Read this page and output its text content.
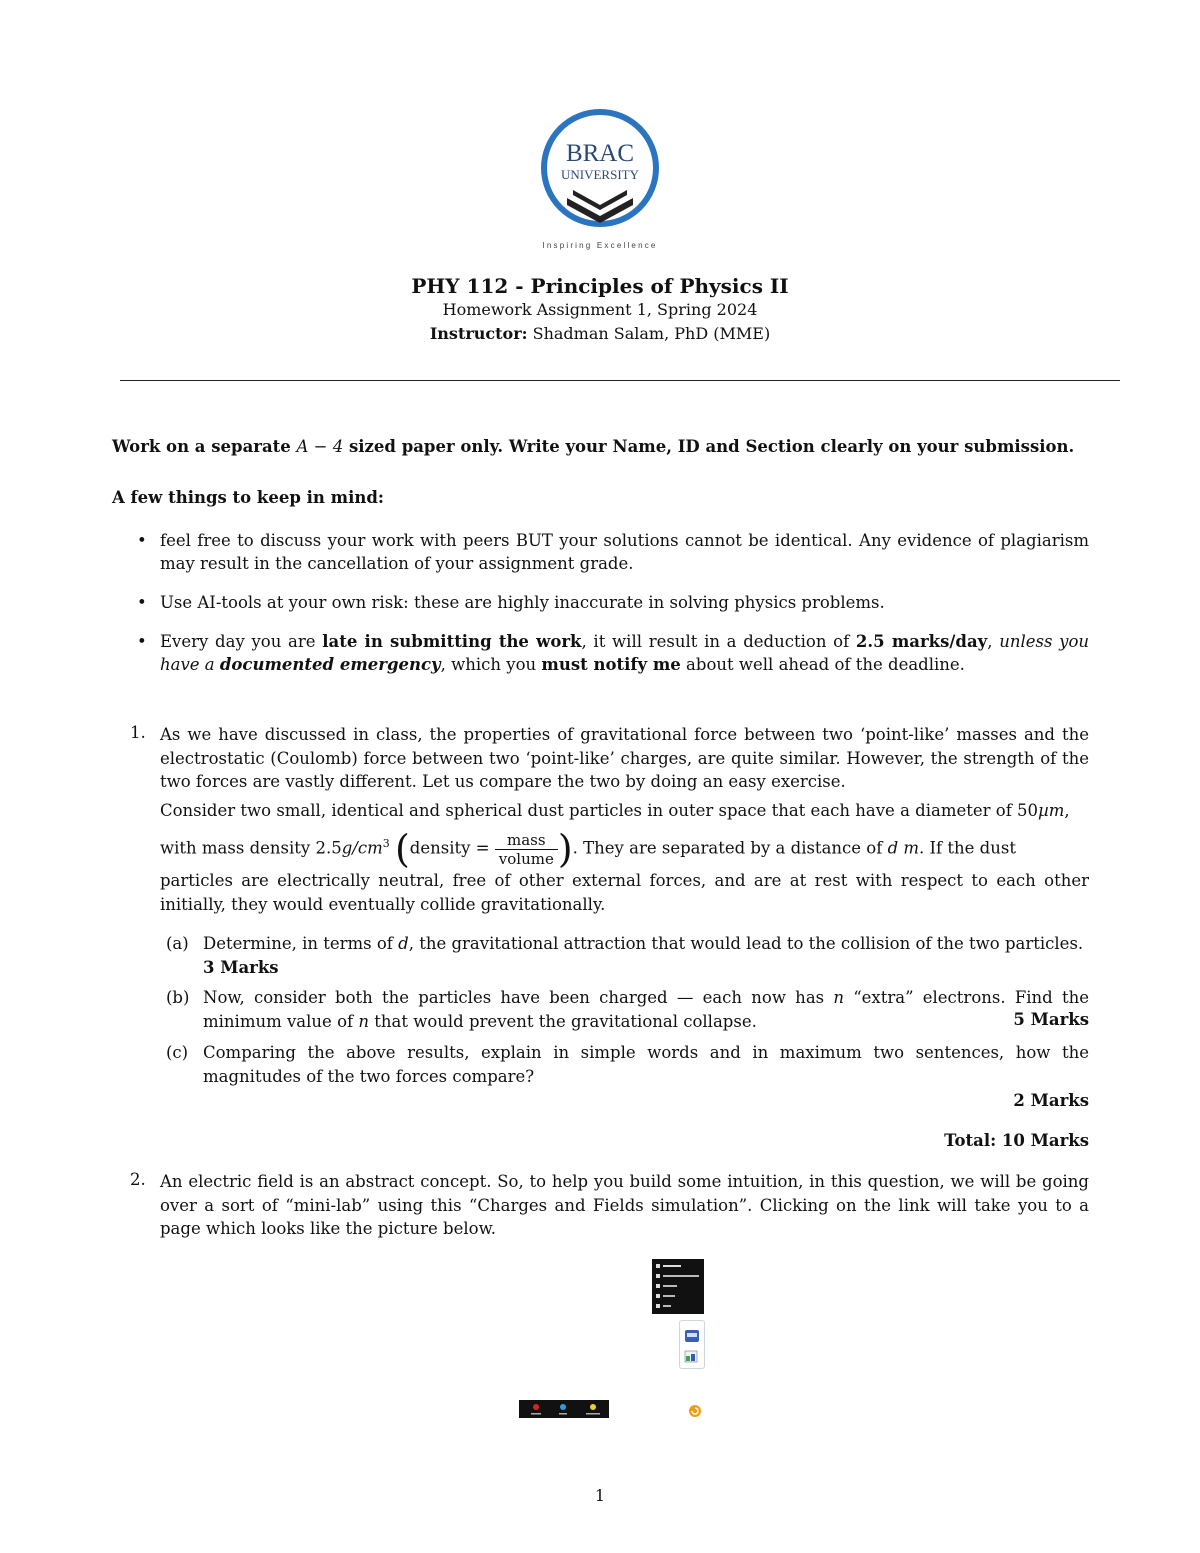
BRAC
UNIVERSITY
Inspiring Excellence
PHY 112 - Principles of Physics II
Homework Assignment 1, Spring 2024
Instructor: Shadman Salam, PhD (MME)
Work on a separate A − 4 sized paper only. Write your Name, ID and Section clearly on your submission.
A few things to keep in mind:
• feel free to discuss your work with peers BUT your solutions cannot be identical. Any evidence of plagiarism may result in the cancellation of your assignment grade.
• Use AI-tools at your own risk: these are highly inaccurate in solving physics problems.
• Every day you are late in submitting the work, it will result in a deduction of 2.5 marks/day, unless you have a documented emergency, which you must notify me about well ahead of the deadline.
1. As we have discussed in class, the properties of gravitational force between two ‘point-like’ masses and the electrostatic (Coulomb) force between two ‘point-like’ charges, are quite similar. However, the strength of the two forces are vastly different. Let us compare the two by doing an easy exercise.
Consider two small, identical and spherical dust particles in outer space that each have a diameter of 50µm,
with mass density $2.5g/cm^3$ (density = $\frac{\text{mass}}{\text{volume}}$ ). They are separated by a distance of d m. If the dust
particles are electrically neutral, free of other external forces, and are at rest with respect to each other initially, they would eventually collide gravitationally.
(a) Determine, in terms of d, the gravitational attraction that would lead to the collision of the two particles.
3 Marks
(b) Now, consider both the particles have been charged — each now has n “extra” electrons. Find the minimum value of n that would prevent the gravitational collapse.	5 Marks
(c) Comparing the above results, explain in simple words and in maximum two sentences, how the magnitudes of the two forces compare?
2 Marks
Total: 10 Marks
2. An electric field is an abstract concept. So, to help you build some intuition, in this question, we will be going over a sort of “mini-lab” using this “Charges and Fields simulation”. Clicking on the link will take you to a page which looks like the picture below.
1
